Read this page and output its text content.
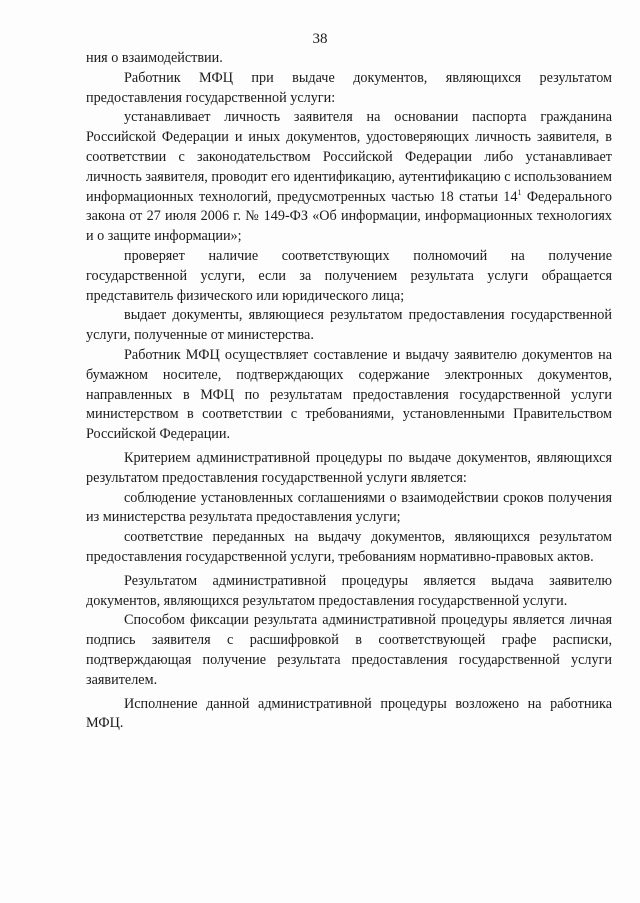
38

ния о взаимодействии.

Работник МФЦ при выдаче документов, являющихся результатом предоставления государственной услуги:

устанавливает личность заявителя на основании паспорта гражданина Российской Федерации и иных документов, удостоверяющих личность заявителя, в соответствии с законодательством Российской Федерации либо устанавливает личность заявителя, проводит его идентификацию, аутентификацию с использованием информационных технологий, предусмотренных частью 18 статьи $14^1$ Федерального закона от 27 июля 2006 г. № 149-ФЗ «Об информации, информационных технологиях и о защите информации»;

проверяет наличие соответствующих полномочий на получение государственной услуги, если за получением результата услуги обращается представитель физического или юридического лица;

выдает документы, являющиеся результатом предоставления государственной услуги, полученные от министерства.

Работник МФЦ осуществляет составление и выдачу заявителю документов на бумажном носителе, подтверждающих содержание электронных документов, направленных в МФЦ по результатам предоставления государственной услуги министерством в соответствии с требованиями, установленными Правительством Российской Федерации.

Критерием административной процедуры по выдаче документов, являющихся результатом предоставления государственной услуги является:

соблюдение установленных соглашениями о взаимодействии сроков получения из министерства результата предоставления услуги;

соответствие переданных на выдачу документов, являющихся результатом предоставления государственной услуги, требованиям нормативно-правовых актов.

Результатом административной процедуры является выдача заявителю документов, являющихся результатом предоставления государственной услуги.

Способом фиксации результата административной процедуры является личная подпись заявителя с расшифровкой в соответствующей графе расписки, подтверждающая получение результата предоставления государственной услуги заявителем.

Исполнение данной административной процедуры возложено на работника МФЦ.
